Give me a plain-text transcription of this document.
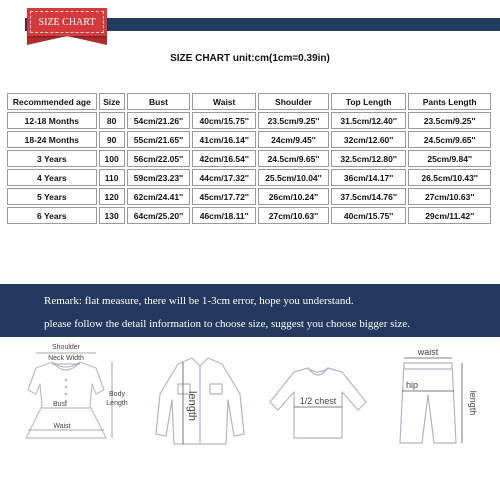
SIZE CHART
SIZE CHART unit:cm(1cm=0.39in)
Recommended age	Size	Bust	Waist	Shoulder	Top Length	Pants Length
12-18 Months	80	54cm/21.26''	40cm/15.75''	23.5cm/9.25''	31.5cm/12.40''	23.5cm/9.25''
18-24 Months	90	55cm/21.65''	41cm/16.14''	24cm/9.45''	32cm/12.60''	24.5cm/9.65''
3 Years	100	56cm/22.05''	42cm/16.54''	24.5cm/9.65''	32.5cm/12.80''	25cm/9.84''
4 Years	110	59cm/23.23''	44cm/17.32''	25.5cm/10.04''	36cm/14.17''	26.5cm/10.43''
5 Years	120	62cm/24.41''	45cm/17.72''	26cm/10.24''	37.5cm/14.76''	27cm/10.63''
6 Years	130	64cm/25.20''	46cm/18.11''	27cm/10.63''	40cm/15.75''	29cm/11.42''
Remark: flat measure, there will be 1-3cm error, hope you understand.
please follow the detail information to choose size, suggest you choose bigger size.
Shoulder
Neck Width
Bust
Waist
Body
Length	length	1/2 chest
waist
hip
length
